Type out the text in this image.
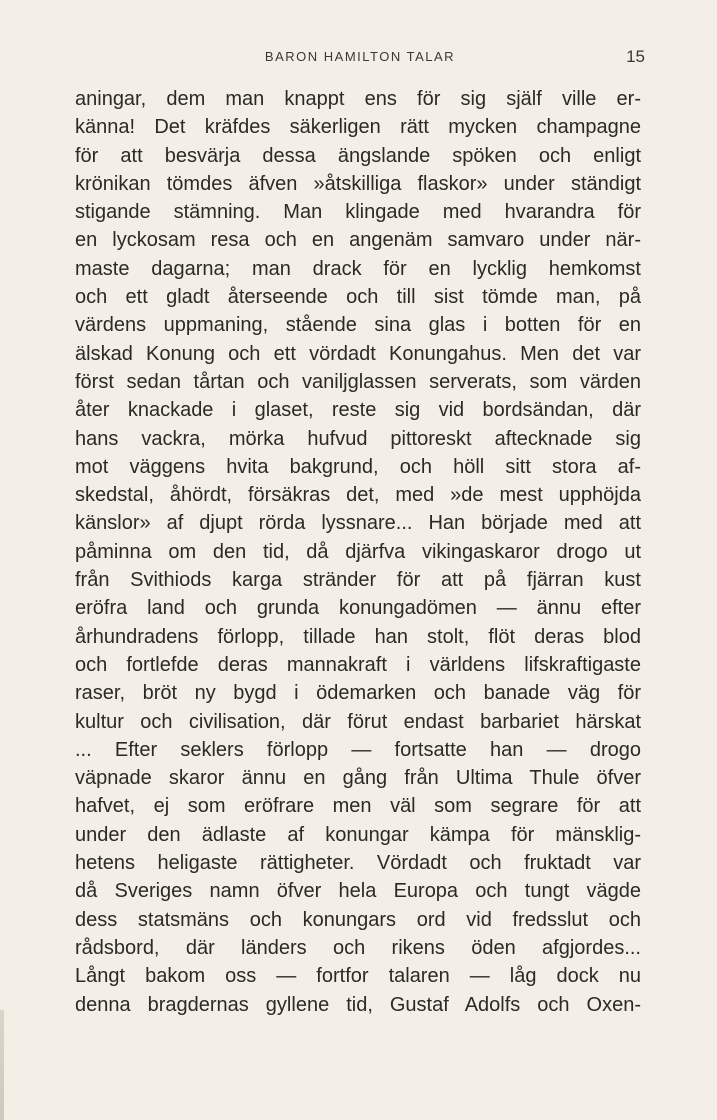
BARON HAMILTON TALAR	15
aningar, dem man knappt ens för sig själf ville er-
känna! Det kräfdes säkerligen rätt mycken champagne
för att besvärja dessa ängslande spöken och enligt
krönikan tömdes äfven »åtskilliga flaskor» under ständigt
stigande stämning. Man klingade med hvarandra för
en lyckosam resa och en angenäm samvaro under när-
maste dagarna; man drack för en lycklig hemkomst
och ett gladt återseende och till sist tömde man, på
värdens uppmaning, stående sina glas i botten för en
älskad Konung och ett vördadt Konungahus. Men det var
först sedan tårtan och vaniljglassen serverats, som värden
åter knackade i glaset, reste sig vid bordsändan, där
hans vackra, mörka hufvud pittoreskt aftecknade sig
mot väggens hvita bakgrund, och höll sitt stora af-
skedstal, åhördt, försäkras det, med »de mest upphöjda
känslor» af djupt rörda lyssnare... Han började med att
påminna om den tid, då djärfva vikingaskaror drogo ut
från Svithiods karga stränder för att på fjärran kust
eröfra land och grunda konungadömen — ännu efter
århundradens förlopp, tillade han stolt, flöt deras blod
och fortlefde deras mannakraft i världens lifskraftigaste
raser, bröt ny bygd i ödemarken och banade väg för
kultur och civilisation, där förut endast barbariet härskat
... Efter seklers förlopp — fortsatte han — drogo
väpnade skaror ännu en gång från Ultima Thule öfver
hafvet, ej som eröfrare men väl som segrare för att
under den ädlaste af konungar kämpa för mänsklig-
hetens heligaste rättigheter. Vördadt och fruktadt var
då Sveriges namn öfver hela Europa och tungt vägde
dess statsmäns och konungars ord vid fredsslut och
rådsbord, där länders och rikens öden afgjordes...
Långt bakom oss — fortfor talaren — låg dock nu
denna bragdernas gyllene tid, Gustaf Adolfs och Oxen-
